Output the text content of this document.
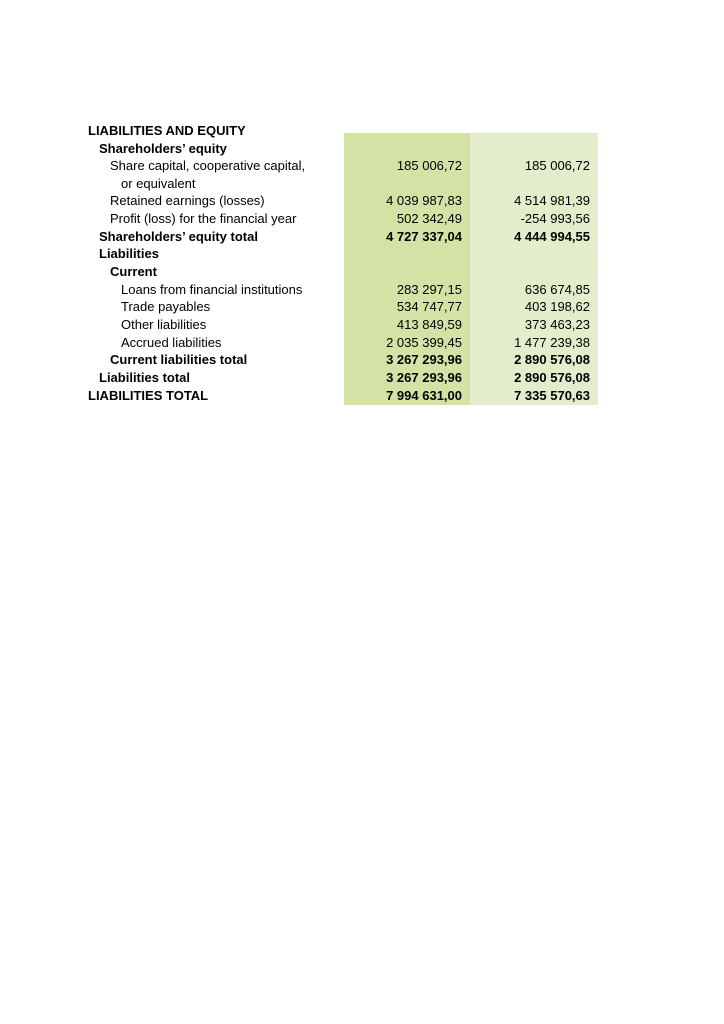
LIABILITIES AND EQUITY
Shareholders’ equity
Share capital, cooperative capital,	185 006,72	185 006,72
or equivalent
Retained earnings (losses)	4 039 987,83	4 514 981,39
Profit (loss) for the financial year	502 342,49	-254 993,56
Shareholders’ equity total	4 727 337,04	4 444 994,55
Liabilities
Current
Loans from financial institutions	283 297,15	636 674,85
Trade payables	534 747,77	403 198,62
Other liabilities	413 849,59	373 463,23
Accrued liabilities	2 035 399,45	1 477 239,38
Current liabilities total	3 267 293,96	2 890 576,08
Liabilities total	3 267 293,96	2 890 576,08
LIABILITIES TOTAL	7 994 631,00	7 335 570,63
